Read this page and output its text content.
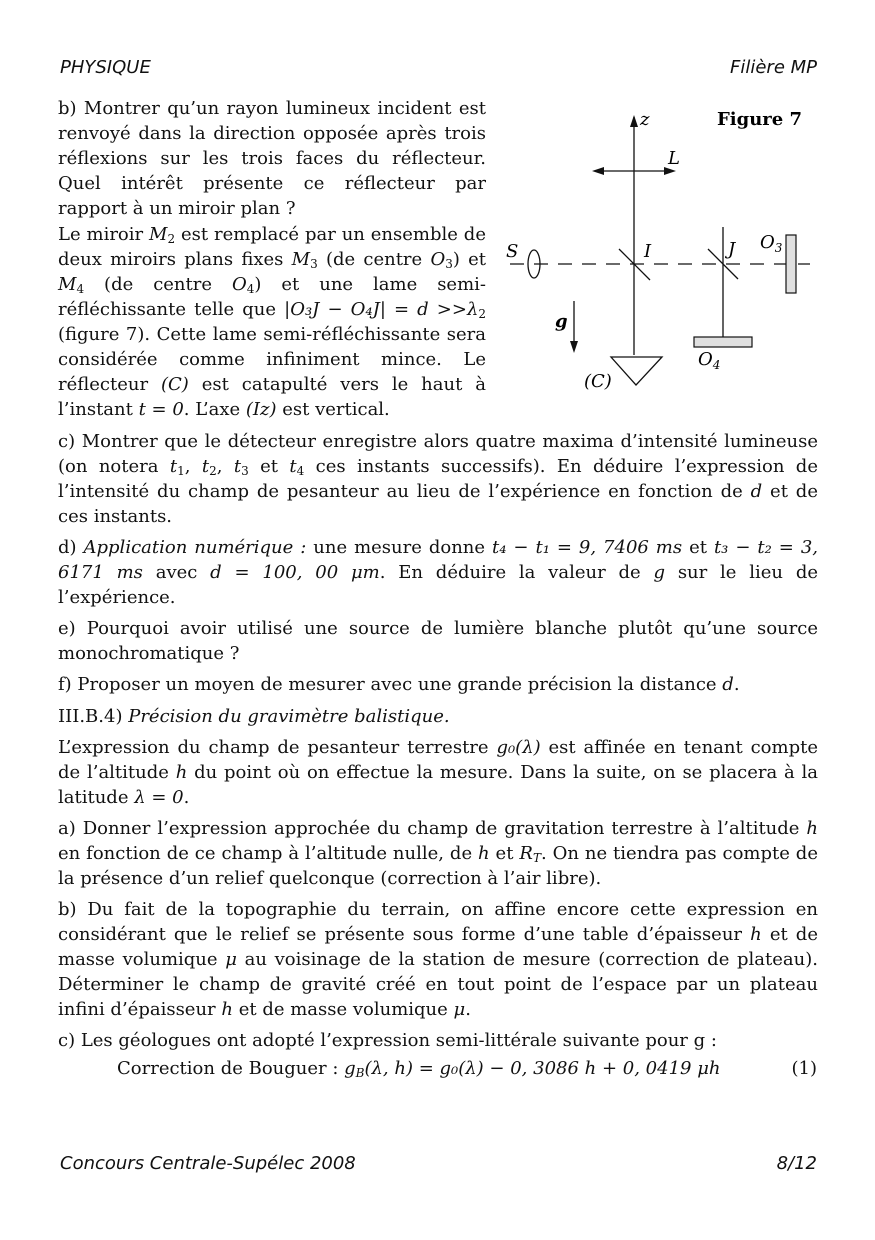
PHYSIQUE	Filière MP

b) Montrer qu’un rayon lumineux incident est renvoyé dans la direction opposée après trois réflexions sur les trois faces du réflecteur. Quel intérêt présente ce réflecteur par rapport à un miroir plan ?

Le miroir $M_2$ est remplacé par un ensemble de deux miroirs plans fixes $M_3$ (de centre $O_3$) et $M_4$ (de centre $O_4$) et une lame semi-réfléchissante telle que $|O_3J - O_4J| = d >>\lambda_2$ (figure 7). Cette lame semi-réfléchissante sera considérée comme infiniment mince. Le réflecteur (C) est catapulté vers le haut à l’instant t = 0. L’axe (Iz) est vertical.

Figure 7
z
L
S	I	J $O_3$
$O_4$
g
(C)

c) Montrer que le détecteur enregistre alors quatre maxima d’intensité lumineuse (on notera $t_1$, $t_2$, $t_3$ et $t_4$ ces instants successifs). En déduire l’expression de l’intensité du champ de pesanteur au lieu de l’expérience en fonction de d et de ces instants.

d) Application numérique : une mesure donne t₄ − t₁ = 9, 7406 ms et t₃ − t₂ = 3, 6171 ms avec d = 100, 00 μm. En déduire la valeur de g sur le lieu de l’expérience.

e) Pourquoi avoir utilisé une source de lumière blanche plutôt qu’une source monochromatique ?

f) Proposer un moyen de mesurer avec une grande précision la distance d.

III.B.4) Précision du gravimètre balistique.

L’expression du champ de pesanteur terrestre g₀(λ) est affinée en tenant compte de l’altitude h du point où on effectue la mesure. Dans la suite, on se placera à la latitude λ = 0.

a) Donner l’expression approchée du champ de gravitation terrestre à l’altitude h en fonction de ce champ à l’altitude nulle, de h et $R_T$. On ne tiendra pas compte de la présence d’un relief quelconque (correction à l’air libre).

b) Du fait de la topographie du terrain, on affine encore cette expression en considérant que le relief se présente sous forme d’une table d’épaisseur h et de masse volumique μ au voisinage de la station de mesure (correction de plateau). Déterminer le champ de gravité créé en tout point de l’espace par un plateau infini d’épaisseur h et de masse volumique μ.

c) Les géologues ont adopté l’expression semi-littérale suivante pour g :

Correction de Bouguer : $g_B(\lambda$, h) = g₀(λ) − 0, 3086 h + 0, 0419 μh	(1)
Concours Centrale-Supélec 2008	8/12
